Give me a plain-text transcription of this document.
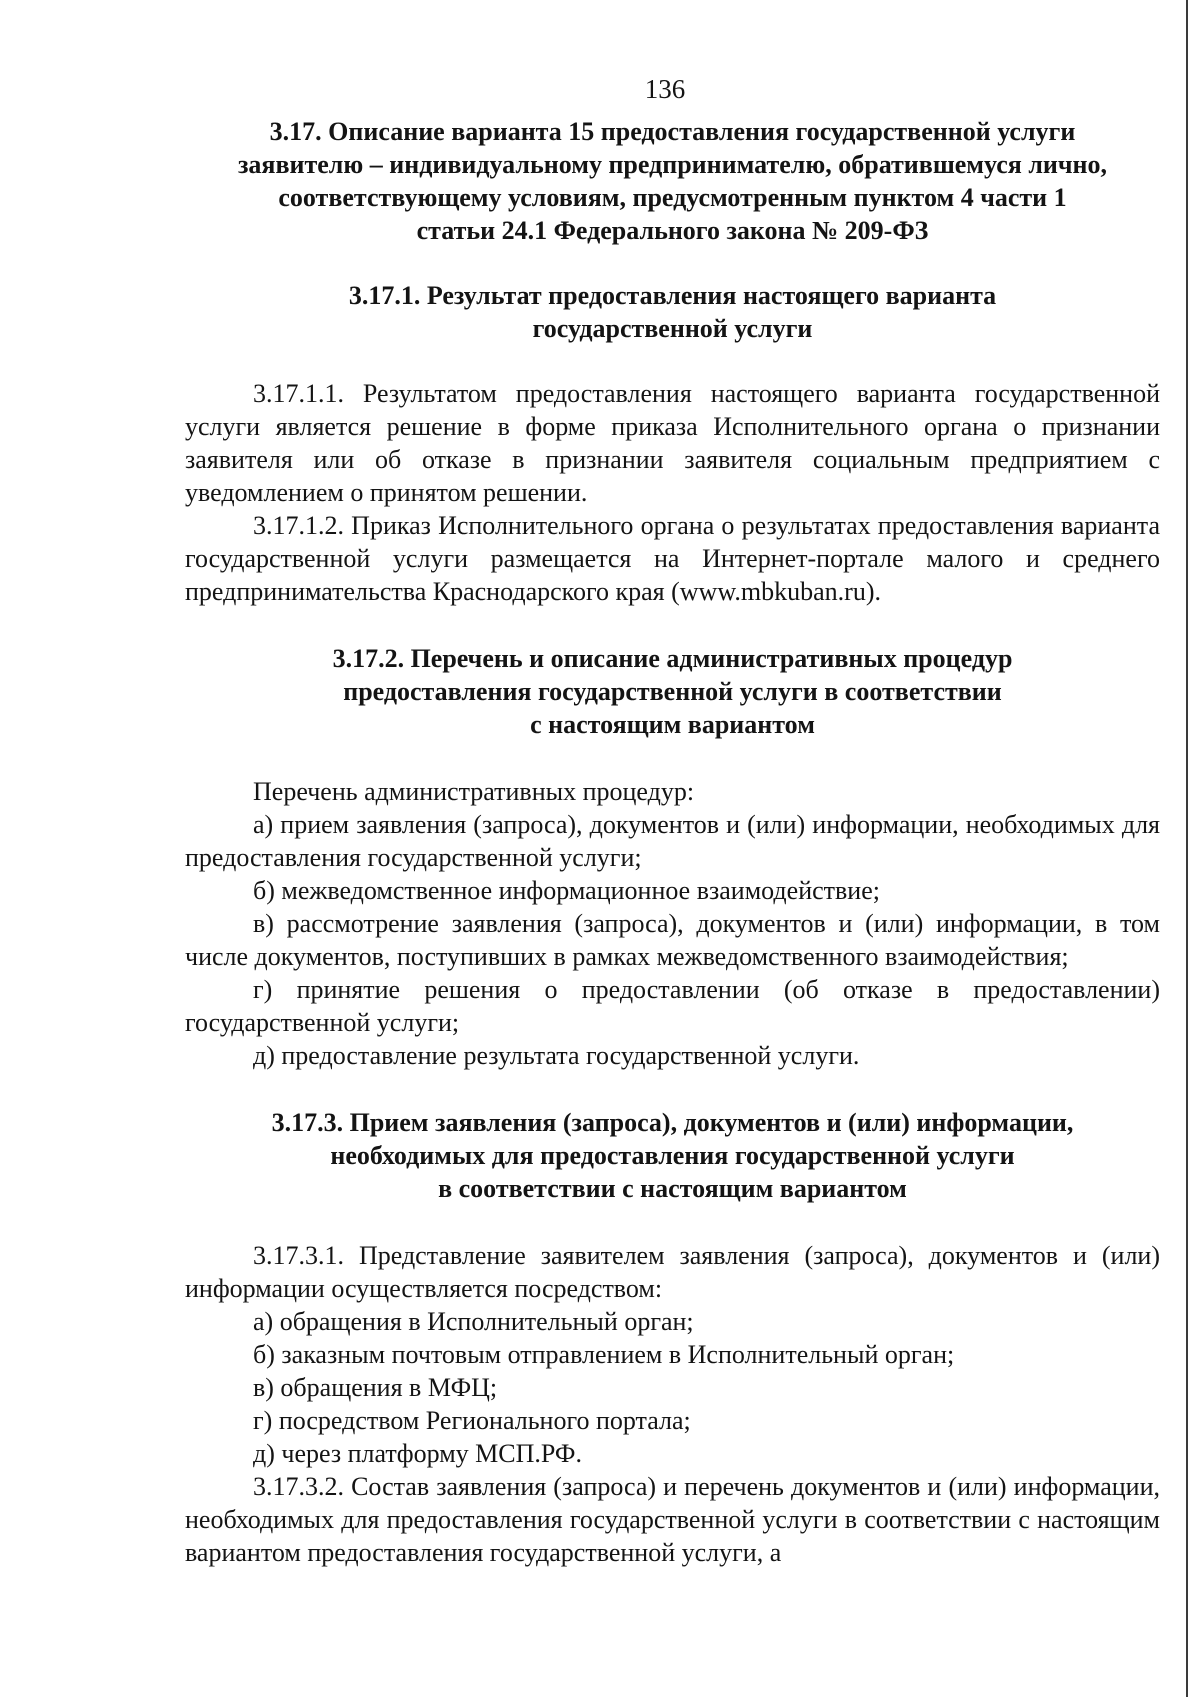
136
3.17. Описание варианта 15 предоставления государственной услуги
заявителю – индивидуальному предпринимателю, обратившемуся лично,
соответствующему условиям, предусмотренным пунктом 4 части 1
статьи 24.1 Федерального закона № 209-ФЗ
3.17.1. Результат предоставления настоящего варианта
государственной услуги

3.17.1.1. Результатом предоставления настоящего варианта государственной услуги является решение в форме приказа Исполнительного органа о признании заявителя или об отказе в признании заявителя социальным предприятием с уведомлением о принятом решении.

3.17.1.2. Приказ Исполнительного органа о результатах предоставления варианта государственной услуги размещается на Интернет-портале малого и среднего предпринимательства Краснодарского края (www.mbkuban.ru).

3.17.2. Перечень и описание административных процедур
предоставления государственной услуги в соответствии
с настоящим вариантом

Перечень административных процедур:

а) прием заявления (запроса), документов и (или) информации, необходимых для предоставления государственной услуги;

б) межведомственное информационное взаимодействие;

в) рассмотрение заявления (запроса), документов и (или) информации, в том числе документов, поступивших в рамках межведомственного взаимодействия;

г) принятие решения о предоставлении (об отказе в предоставлении) государственной услуги;

д) предоставление результата государственной услуги.

3.17.3. Прием заявления (запроса), документов и (или) информации,
необходимых для предоставления государственной услуги
в соответствии с настоящим вариантом

3.17.3.1. Представление заявителем заявления (запроса), документов и (или) информации осуществляется посредством:

а) обращения в Исполнительный орган;

б) заказным почтовым отправлением в Исполнительный орган;

в) обращения в МФЦ;

г) посредством Регионального портала;

д) через платформу МСП.РФ.

3.17.3.2. Состав заявления (запроса) и перечень документов и (или) информации, необходимых для предоставления государственной услуги в соответствии с настоящим вариантом предоставления государственной услуги, а
